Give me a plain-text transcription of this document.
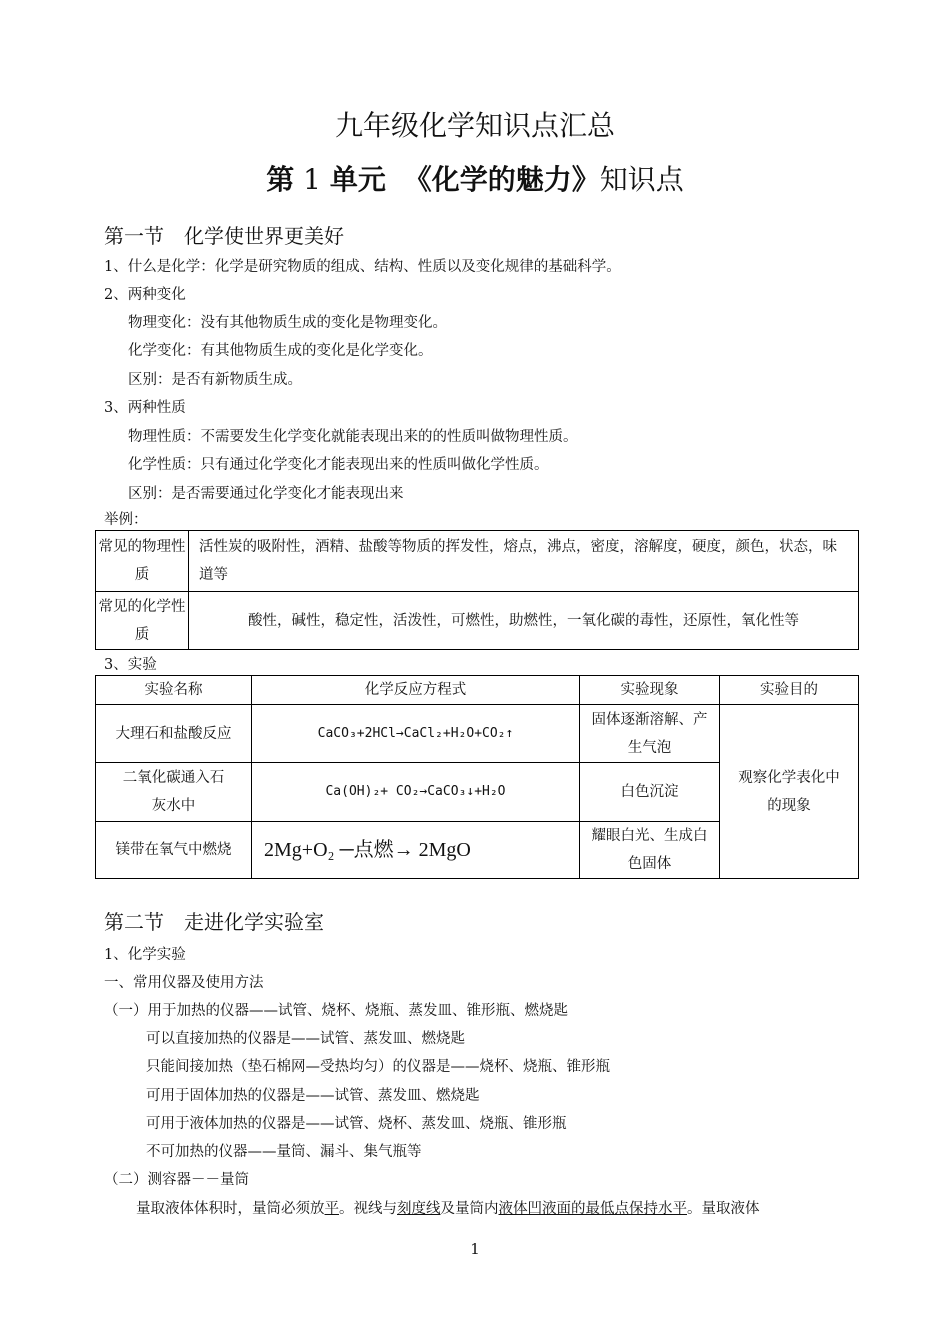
九年级化学知识点汇总
第 1 单元 《化学的魅力》知识点
第一节　化学使世界更美好
1、什么是化学：化学是研究物质的组成、结构、性质以及变化规律的基础科学。
2、两种变化
物理变化：没有其他物质生成的变化是物理变化。
化学变化：有其他物质生成的变化是化学变化。
区别：是否有新物质生成。
3、两种性质
物理性质：不需要发生化学变化就能表现出来的的性质叫做物理性质。
化学性质：只有通过化学变化才能表现出来的性质叫做化学性质。
区别：是否需要通过化学变化才能表现出来
举例：
常见的物理性质	活性炭的吸附性，酒精、盐酸等物质的挥发性，熔点，沸点，密度，溶解度，硬度，颜色，状态，味道等
常见的化学性质	酸性，碱性，稳定性，活泼性，可燃性，助燃性，一氧化碳的毒性，还原性，氧化性等
3、实验
实验名称	化学反应方程式	实验现象	实验目的
大理石和盐酸反应	CaCO₃+2HCl→CaCl₂+H₂O+CO₂↑	固体逐渐溶解、产生气泡	观察化学表化中的现象
二氧化碳通入石灰水中	Ca(OH)₂+ CO₂→CaCO₃↓+H₂O	白色沉淀	
镁带在氧气中燃烧	2Mg+O₂ ─点燃→ 2MgO	耀眼白光、生成白色固体	
第二节　走进化学实验室
1、化学实验
一、常用仪器及使用方法
（一）用于加热的仪器——试管、烧杯、烧瓶、蒸发皿、锥形瓶、燃烧匙
可以直接加热的仪器是——试管、蒸发皿、燃烧匙
只能间接加热（垫石棉网—受热均匀）的仪器是——烧杯、烧瓶、锥形瓶
可用于固体加热的仪器是——试管、蒸发皿、燃烧匙
可用于液体加热的仪器是——试管、烧杯、蒸发皿、烧瓶、锥形瓶
不可加热的仪器——量筒、漏斗、集气瓶等
（二）测容器－－量筒
量取液体体积时，量筒必须放平。视线与刻度线及量筒内液体凹液面的最低点保持水平。量取液体
1
